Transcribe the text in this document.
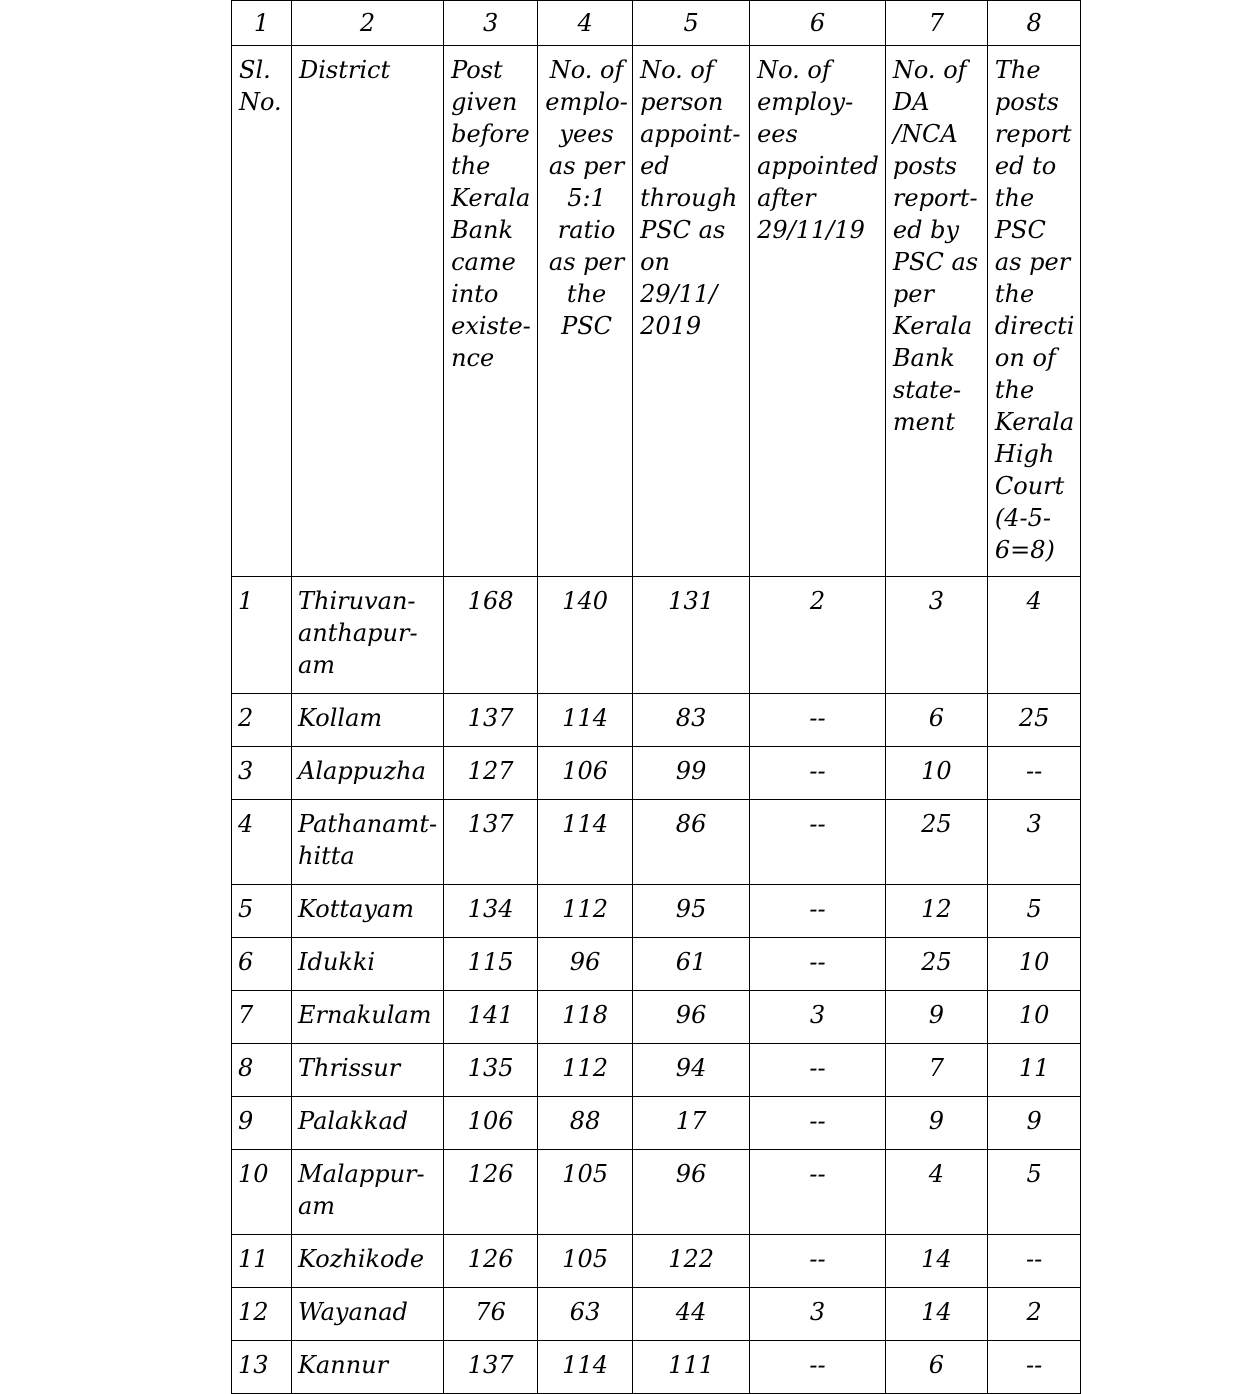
1	2	3	4	5	6	7	8

Sl. No.	District	Post given before the Kerala Bank came into existe-nce	No. of emplo-yees as per 5:1 ratio as per the PSC	No. of person appoint-ed through PSC as on 29/11/ 2019	No. of employ-ees appointed after 29/11/19	No. of DA /NCA posts report-ed by PSC as per Kerala Bank state-ment	The posts report ed to the PSC as per the directi on of the Kerala High Court (4-5-6=8)

1	Thiruvan-anthapur-am	168	140	131	2	3	4

2	Kollam	137	114	83	--	6	25

3	Alappuzha	127	106	99	--	10	--

4	Pathanamt-hitta	137	114	86	--	25	3

5	Kottayam	134	112	95	--	12	5

6	Idukki	115	96	61	--	25	10

7	Ernakulam	141	118	96	3	9	10

8	Thrissur	135	112	94	--	7	11

9	Palakkad	106	88	17	--	9	9

10	Malappur-am	126	105	96	--	4	5

11	Kozhikode	126	105	122	--	14	--

12	Wayanad	76	63	44	3	14	2

13	Kannur	137	114	111	--	6	--
